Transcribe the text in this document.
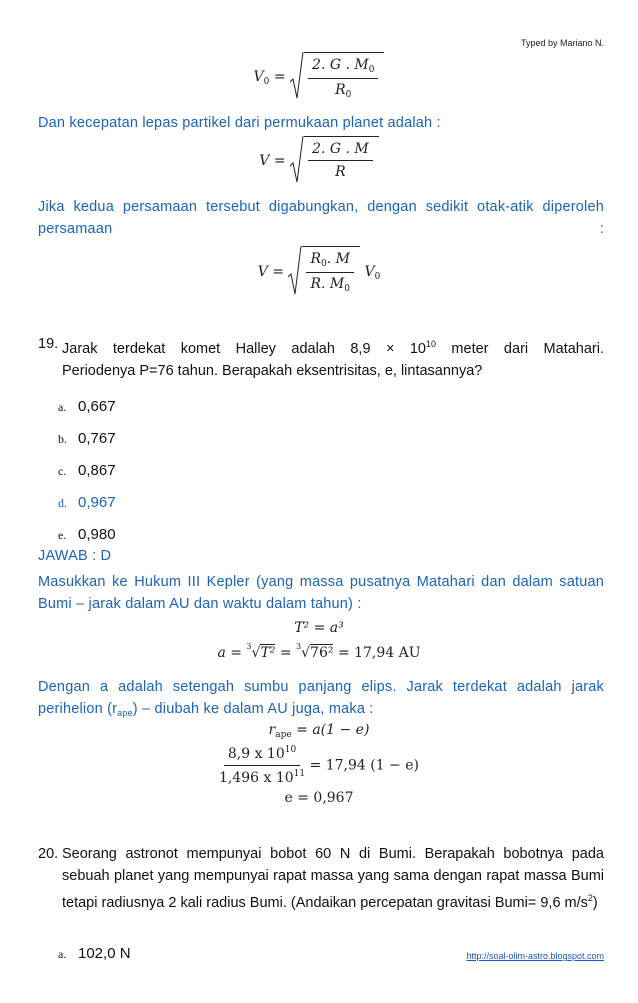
Typed by Mariano N.
$V_0 = \frac{2. G . M_0}{R_0}$
Dan kecepatan lepas partikel dari permukaan planet adalah :
$V = \frac{2. G . M}{R}$
Jika kedua persamaan tersebut digabungkan, dengan sedikit otak-atik diperoleh persamaan :
$V = \frac{R_0. M}{R. M_0} V_0$
19. Jarak terdekat komet Halley adalah $8,9 \times 10^{10}$ meter dari Matahari.
Periodenya P=76 tahun. Berapakah eksentrisitas, e, lintasannya?
a. 0,667
b. 0,767
c. 0,867
d. 0,967
e. 0,980
JAWAB : D
Masukkan ke Hukum III Kepler (yang massa pusatnya Matahari dan dalam satuan Bumi – jarak dalam AU dan waktu dalam tahun) :
T² = a³
a = $^3$√T² = $^3$√76² = 17,94 AU
Dengan a adalah setengah sumbu panjang elips. Jarak terdekat adalah jarak perihelion $(r_{ape})$ – diubah ke dalam AU juga, maka :
$r_{ape} = a(1 - e)$
$\frac{8,9 x 10^{10}}{1,496 x 10^{11}} = 17,94$ (1 − e)
e = 0,967
20. Seorang astronot mempunyai bobot 60 N di Bumi. Berapakah bobotnya pada sebuah planet yang mempunyai rapat massa yang sama dengan rapat massa Bumi tetapi radiusnya 2 kali radius Bumi. (Andaikan percepatan gravitasi Bumi= 9,6 $m/s^2$)
a. 102,0 N	http://soal-olim-astro.blogspot.com
